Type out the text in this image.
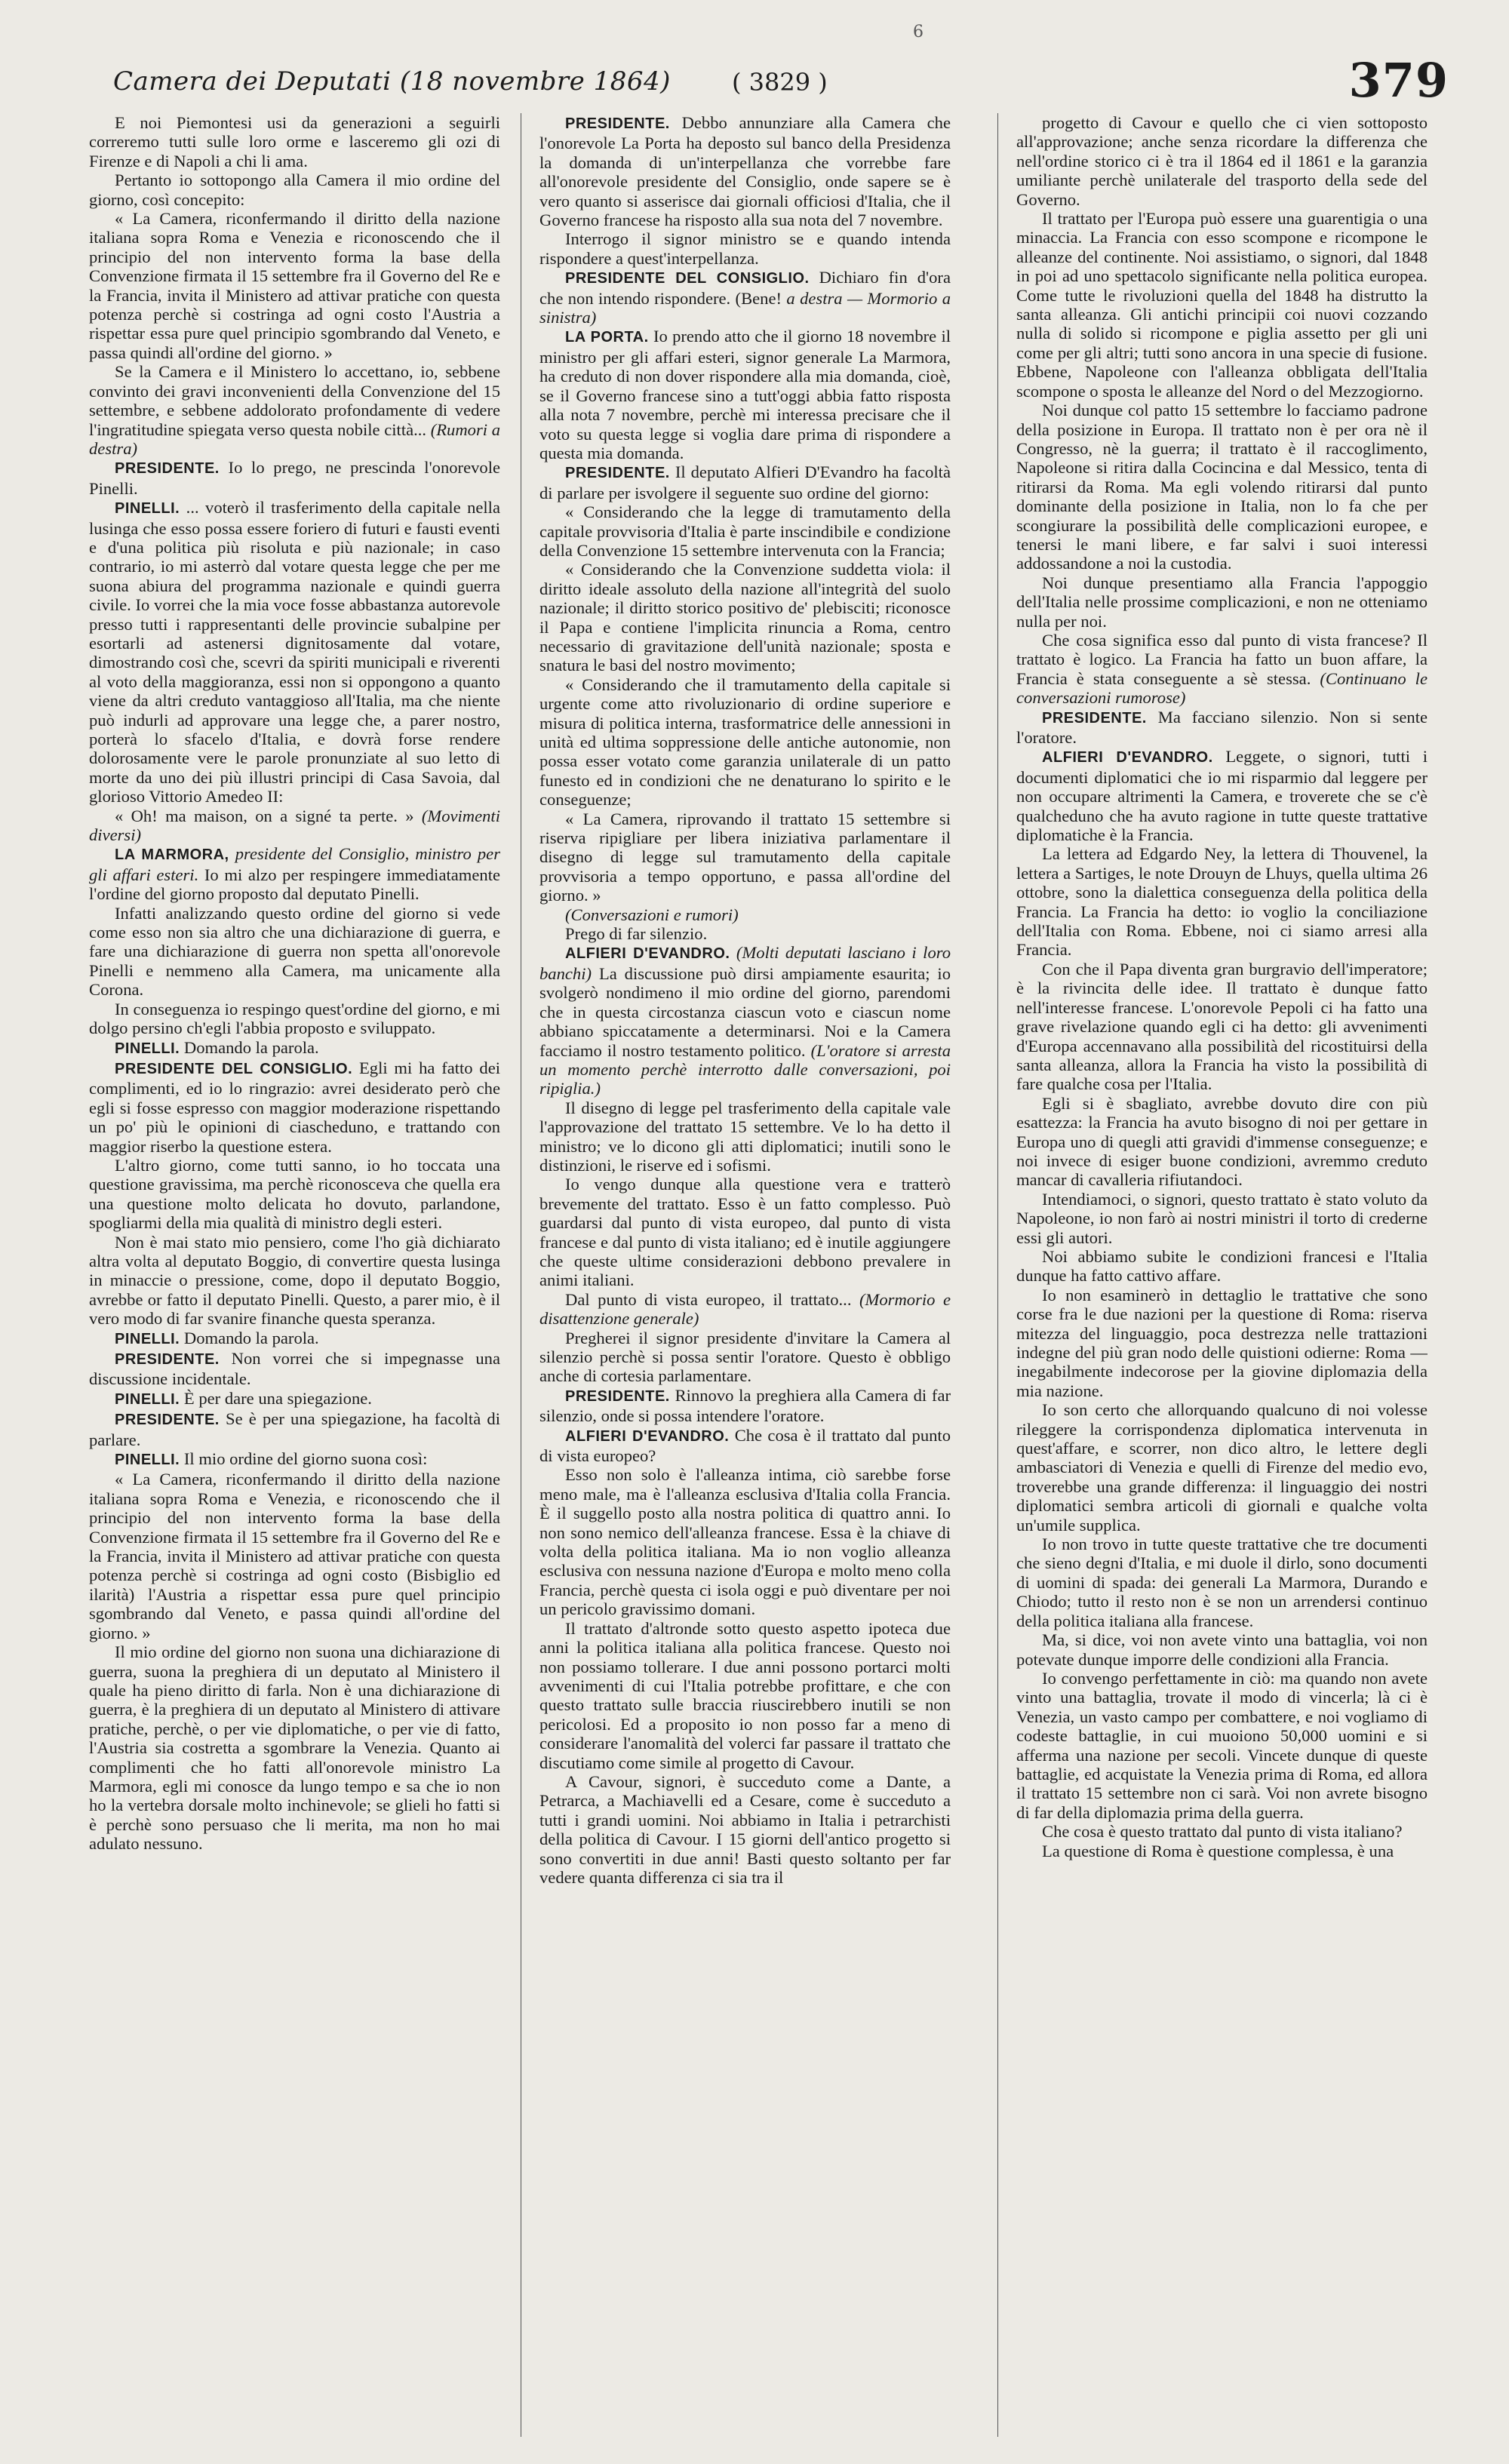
6
Camera dei Deputati (18 novembre 1864)	( 3829 )	379

E noi Piemontesi usi da generazioni a seguirli correremo tutti sulle loro orme e lasceremo gli ozi di Firenze e di Napoli a chi li ama.

Pertanto io sottopongo alla Camera il mio ordine del giorno, così concepito:

« La Camera, riconfermando il diritto della nazione italiana sopra Roma e Venezia e riconoscendo che il principio del non intervento forma la base della Convenzione firmata il 15 settembre fra il Governo del Re e la Francia, invita il Ministero ad attivar pratiche con questa potenza perchè si costringa ad ogni costo l'Austria a rispettar essa pure quel principio sgombrando dal Veneto, e passa quindi all'ordine del giorno. »

Se la Camera e il Ministero lo accettano, io, sebbene convinto dei gravi inconvenienti della Convenzione del 15 settembre, e sebbene addolorato profondamente di vedere l'ingratitudine spiegata verso questa nobile città... (Rumori a destra)

PRESIDENTE. Io lo prego, ne prescinda l'onorevole Pinelli.

PINELLI. ... voterò il trasferimento della capitale nella lusinga che esso possa essere foriero di futuri e fausti eventi e d'una politica più risoluta e più nazionale; in caso contrario, io mi asterrò dal votare questa legge che per me suona abiura del programma nazionale e quindi guerra civile. Io vorrei che la mia voce fosse abbastanza autorevole presso tutti i rappresentanti delle provincie subalpine per esortarli ad astenersi dignitosamente dal votare, dimostrando così che, scevri da spiriti municipali e riverenti al voto della maggioranza, essi non si oppongono a quanto viene da altri creduto vantaggioso all'Italia, ma che niente può indurli ad approvare una legge che, a parer nostro, porterà lo sfacelo d'Italia, e dovrà forse rendere dolorosamente vere le parole pronunziate al suo letto di morte da uno dei più illustri principi di Casa Savoia, dal glorioso Vittorio Amedeo II:

« Oh! ma maison, on a signé ta perte. » (Movimenti diversi)

LA MARMORA, presidente del Consiglio, ministro per gli affari esteri. Io mi alzo per respingere immediatamente l'ordine del giorno proposto dal deputato Pinelli.

Infatti analizzando questo ordine del giorno si vede come esso non sia altro che una dichiarazione di guerra, e fare una dichiarazione di guerra non spetta all'onorevole Pinelli e nemmeno alla Camera, ma unicamente alla Corona.

In conseguenza io respingo quest'ordine del giorno, e mi dolgo persino ch'egli l'abbia proposto e sviluppato.

PINELLI. Domando la parola.

PRESIDENTE DEL CONSIGLIO. Egli mi ha fatto dei complimenti, ed io lo ringrazio: avrei desiderato però che egli si fosse espresso con maggior moderazione rispettando un po' più le opinioni di ciascheduno, e trattando con maggior riserbo la questione estera.

L'altro giorno, come tutti sanno, io ho toccata una questione gravissima, ma perchè riconosceva che quella era una questione molto delicata ho dovuto, parlandone, spogliarmi della mia qualità di ministro degli esteri.

Non è mai stato mio pensiero, come l'ho già dichiarato altra volta al deputato Boggio, di convertire questa lusinga in minaccie o pressione, come, dopo il deputato Boggio, avrebbe or fatto il deputato Pinelli. Questo, a parer mio, è il vero modo di far svanire finanche questa speranza.

PINELLI. Domando la parola.

PRESIDENTE. Non vorrei che si impegnasse una discussione incidentale.

PINELLI. È per dare una spiegazione.

PRESIDENTE. Se è per una spiegazione, ha facoltà di parlare.

PINELLI. Il mio ordine del giorno suona così:

« La Camera, riconfermando il diritto della nazione italiana sopra Roma e Venezia, e riconoscendo che il principio del non intervento forma la base della Convenzione firmata il 15 settembre fra il Governo del Re e la Francia, invita il Ministero ad attivar pratiche con questa potenza perchè si costringa ad ogni costo (Bisbiglio ed ilarità) l'Austria a rispettar essa pure quel principio sgombrando dal Veneto, e passa quindi all'ordine del giorno. »

Il mio ordine del giorno non suona una dichiarazione di guerra, suona la preghiera di un deputato al Ministero il quale ha pieno diritto di farla. Non è una dichiarazione di guerra, è la preghiera di un deputato al Ministero di attivare pratiche, perchè, o per vie diplomatiche, o per vie di fatto, l'Austria sia costretta a sgombrare la Venezia. Quanto ai complimenti che ho fatti all'onorevole ministro La Marmora, egli mi conosce da lungo tempo e sa che io non ho la vertebra dorsale molto inchinevole; se glieli ho fatti si è perchè sono persuaso che li merita, ma non ho mai adulato nessuno.

PRESIDENTE. Debbo annunziare alla Camera che l'onorevole La Porta ha deposto sul banco della Presidenza la domanda di un'interpellanza che vorrebbe fare all'onorevole presidente del Consiglio, onde sapere se è vero quanto si asserisce dai giornali officiosi d'Italia, che il Governo francese ha risposto alla sua nota del 7 novembre.

Interrogo il signor ministro se e quando intenda rispondere a quest'interpellanza.

PRESIDENTE DEL CONSIGLIO. Dichiaro fin d'ora che non intendo rispondere. (Bene! a destra — Mormorio a sinistra)

LA PORTA. Io prendo atto che il giorno 18 novembre il ministro per gli affari esteri, signor generale La Marmora, ha creduto di non dover rispondere alla mia domanda, cioè, se il Governo francese sino a tutt'oggi abbia fatto risposta alla nota 7 novembre, perchè mi interessa precisare che il voto su questa legge si voglia dare prima di rispondere a questa mia domanda.

PRESIDENTE. Il deputato Alfieri D'Evandro ha facoltà di parlare per isvolgere il seguente suo ordine del giorno:

« Considerando che la legge di tramutamento della capitale provvisoria d'Italia è parte inscindibile e condizione della Convenzione 15 settembre intervenuta con la Francia;

« Considerando che la Convenzione suddetta viola: il diritto ideale assoluto della nazione all'integrità del suolo nazionale; il diritto storico positivo de' plebisciti; riconosce il Papa e contiene l'implicita rinuncia a Roma, centro necessario di gravitazione dell'unità nazionale; sposta e snatura le basi del nostro movimento;

« Considerando che il tramutamento della capitale si urgente come atto rivoluzionario di ordine superiore e misura di politica interna, trasformatrice delle annessioni in unità ed ultima soppressione delle antiche autonomie, non possa esser votato come garanzia unilaterale di un patto funesto ed in condizioni che ne denaturano lo spirito e le conseguenze;

« La Camera, riprovando il trattato 15 settembre si riserva ripigliare per libera iniziativa parlamentare il disegno di legge sul tramutamento della capitale provvisoria a tempo opportuno, e passa all'ordine del giorno. »

(Conversazioni e rumori)

Prego di far silenzio.

ALFIERI D'EVANDRO. (Molti deputati lasciano i loro banchi) La discussione può dirsi ampiamente esaurita; io svolgerò nondimeno il mio ordine del giorno, parendomi che in questa circostanza ciascun voto e ciascun nome abbiano spiccatamente a determinarsi. Noi e la Camera facciamo il nostro testamento politico. (L'oratore si arresta un momento perchè interrotto dalle conversazioni, poi ripiglia.)

Il disegno di legge pel trasferimento della capitale vale l'approvazione del trattato 15 settembre. Ve lo ha detto il ministro; ve lo dicono gli atti diplomatici; inutili sono le distinzioni, le riserve ed i sofismi.

Io vengo dunque alla questione vera e tratterò brevemente del trattato. Esso è un fatto complesso. Può guardarsi dal punto di vista europeo, dal punto di vista francese e dal punto di vista italiano; ed è inutile aggiungere che queste ultime considerazioni debbono prevalere in animi italiani.

Dal punto di vista europeo, il trattato... (Mormorio e disattenzione generale)

Pregherei il signor presidente d'invitare la Camera al silenzio perchè si possa sentir l'oratore. Questo è obbligo anche di cortesia parlamentare.

PRESIDENTE. Rinnovo la preghiera alla Camera di far silenzio, onde si possa intendere l'oratore.

ALFIERI D'EVANDRO. Che cosa è il trattato dal punto di vista europeo?

Esso non solo è l'alleanza intima, ciò sarebbe forse meno male, ma è l'alleanza esclusiva d'Italia colla Francia. È il suggello posto alla nostra politica di quattro anni. Io non sono nemico dell'alleanza francese. Essa è la chiave di volta della politica italiana. Ma io non voglio alleanza esclusiva con nessuna nazione d'Europa e molto meno colla Francia, perchè questa ci isola oggi e può diventare per noi un pericolo gravissimo domani.

Il trattato d'altronde sotto questo aspetto ipoteca due anni la politica italiana alla politica francese. Questo noi non possiamo tollerare. I due anni possono portarci molti avvenimenti di cui l'Italia potrebbe profittare, e che con questo trattato sulle braccia riuscirebbero inutili se non pericolosi. Ed a proposito io non posso far a meno di considerare l'anomalità del volerci far passare il trattato che discutiamo come simile al progetto di Cavour.

A Cavour, signori, è succeduto come a Dante, a Petrarca, a Machiavelli ed a Cesare, come è succeduto a tutti i grandi uomini. Noi abbiamo in Italia i petrarchisti della politica di Cavour. I 15 giorni dell'antico progetto si sono convertiti in due anni! Basti questo soltanto per far vedere quanta differenza ci sia tra il

progetto di Cavour e quello che ci vien sottoposto all'approvazione; anche senza ricordare la differenza che nell'ordine storico ci è tra il 1864 ed il 1861 e la garanzia umiliante perchè unilaterale del trasporto della sede del Governo.

Il trattato per l'Europa può essere una guarentigia o una minaccia. La Francia con esso scompone e ricompone le alleanze del continente. Noi assistiamo, o signori, dal 1848 in poi ad uno spettacolo significante nella politica europea. Come tutte le rivoluzioni quella del 1848 ha distrutto la santa alleanza. Gli antichi principii coi nuovi cozzando nulla di solido si ricompone e piglia assetto per gli uni come per gli altri; tutti sono ancora in una specie di fusione. Ebbene, Napoleone con l'alleanza obbligata dell'Italia scompone o sposta le alleanze del Nord o del Mezzogiorno.

Noi dunque col patto 15 settembre lo facciamo padrone della posizione in Europa. Il trattato non è per ora nè il Congresso, nè la guerra; il trattato è il raccoglimento, Napoleone si ritira dalla Cocincina e dal Messico, tenta di ritirarsi da Roma. Ma egli volendo ritirarsi dal punto dominante della posizione in Italia, non lo fa che per scongiurare la possibilità delle complicazioni europee, e tenersi le mani libere, e far salvi i suoi interessi addossandone a noi la custodia.

Noi dunque presentiamo alla Francia l'appoggio dell'Italia nelle prossime complicazioni, e non ne otteniamo nulla per noi.

Che cosa significa esso dal punto di vista francese? Il trattato è logico. La Francia ha fatto un buon affare, la Francia è stata conseguente a sè stessa. (Continuano le conversazioni rumorose)

PRESIDENTE. Ma facciano silenzio. Non si sente l'oratore.

ALFIERI D'EVANDRO. Leggete, o signori, tutti i documenti diplomatici che io mi risparmio dal leggere per non occupare altrimenti la Camera, e troverete che se c'è qualcheduno che ha avuto ragione in tutte queste trattative diplomatiche è la Francia.

La lettera ad Edgardo Ney, la lettera di Thouvenel, la lettera a Sartiges, le note Drouyn de Lhuys, quella ultima 26 ottobre, sono la dialettica conseguenza della politica della Francia. La Francia ha detto: io voglio la conciliazione dell'Italia con Roma. Ebbene, noi ci siamo arresi alla Francia.

Con che il Papa diventa gran burgravio dell'imperatore; è la rivincita delle idee. Il trattato è dunque fatto nell'interesse francese. L'onorevole Pepoli ci ha fatto una grave rivelazione quando egli ci ha detto: gli avvenimenti d'Europa accennavano alla possibilità del ricostituirsi della santa alleanza, allora la Francia ha visto la possibilità di fare qualche cosa per l'Italia.

Egli si è sbagliato, avrebbe dovuto dire con più esattezza: la Francia ha avuto bisogno di noi per gettare in Europa uno di quegli atti gravidi d'immense conseguenze; e noi invece di esiger buone condizioni, avremmo creduto mancar di cavalleria rifiutandoci.

Intendiamoci, o signori, questo trattato è stato voluto da Napoleone, io non farò ai nostri ministri il torto di crederne essi gli autori.

Noi abbiamo subite le condizioni francesi e l'Italia dunque ha fatto cattivo affare.

Io non esaminerò in dettaglio le trattative che sono corse fra le due nazioni per la questione di Roma: riserva mitezza del linguaggio, poca destrezza nelle trattazioni indegne del più gran nodo delle quistioni odierne: Roma — inegabilmente indecorose per la giovine diplomazia della mia nazione.

Io son certo che allorquando qualcuno di noi volesse rileggere la corrispondenza diplomatica intervenuta in quest'affare, e scorrer, non dico altro, le lettere degli ambasciatori di Venezia e quelli di Firenze del medio evo, troverebbe una grande differenza: il linguaggio dei nostri diplomatici sembra articoli di giornali e qualche volta un'umile supplica.

Io non trovo in tutte queste trattative che tre documenti che sieno degni d'Italia, e mi duole il dirlo, sono documenti di uomini di spada: dei generali La Marmora, Durando e Chiodo; tutto il resto non è se non un arrendersi continuo della politica italiana alla francese.

Ma, si dice, voi non avete vinto una battaglia, voi non potevate dunque imporre delle condizioni alla Francia.

Io convengo perfettamente in ciò: ma quando non avete vinto una battaglia, trovate il modo di vincerla; là ci è Venezia, un vasto campo per combattere, e noi vogliamo di codeste battaglie, in cui muoiono 50,000 uomini e si afferma una nazione per secoli. Vincete dunque di queste battaglie, ed acquistate la Venezia prima di Roma, ed allora il trattato 15 settembre non ci sarà. Voi non avrete bisogno di far della diplomazia prima della guerra.

Che cosa è questo trattato dal punto di vista italiano?

La questione di Roma è questione complessa, è una
